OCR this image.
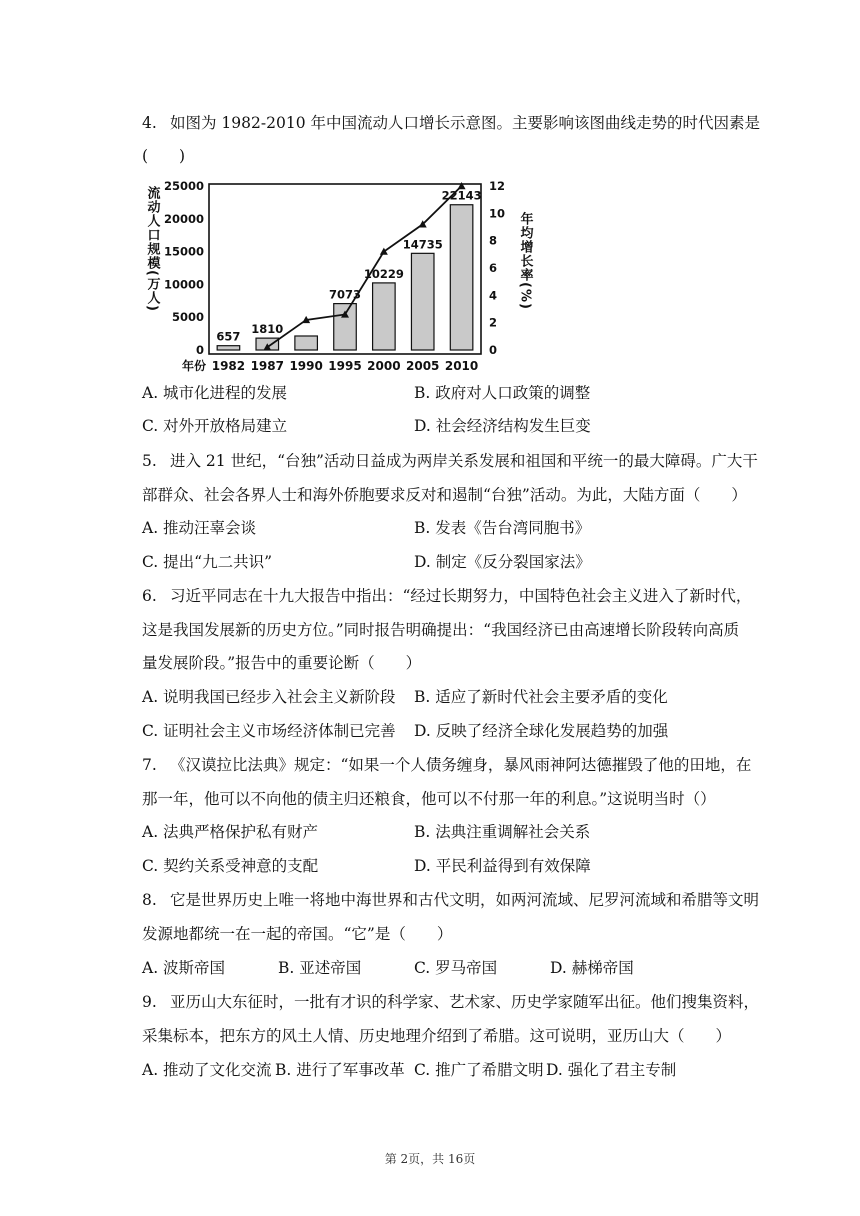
4. 如图为 1982-2010 年中国流动人口增长示意图。主要影响该图曲线走势的时代因素是
(　　)
流动人口规模(万人)	年均增长率(%)
25000
20000
15000
10000
5000
0
12
10
8
6
4
2
0
657
1810
7073
10229
14735
22143
1982 1987 1990 1995 2000 2005 2010
年份
A. 城市化进程的发展	B. 政府对人口政策的调整
C. 对外开放格局建立	D. 社会经济结构发生巨变
5. 进入 21 世纪，“台独”活动日益成为两岸关系发展和祖国和平统一的最大障碍。广大干
部群众、社会各界人士和海外侨胞要求反对和遏制“台独”活动。为此，大陆方面（　　）
A. 推动汪辜会谈	B. 发表《告台湾同胞书》
C. 提出“九二共识”	D. 制定《反分裂国家法》
6. 习近平同志在十九大报告中指出：“经过长期努力，中国特色社会主义进入了新时代，
这是我国发展新的历史方位。”同时报告明确提出：“我国经济已由高速增长阶段转向高质
量发展阶段。”报告中的重要论断（　　）
A. 说明我国已经步入社会主义新阶段 B. 适应了新时代社会主要矛盾的变化
C. 证明社会主义市场经济体制已完善 D. 反映了经济全球化发展趋势的加强
7. 《汉谟拉比法典》规定：“如果一个人债务缠身，暴风雨神阿达德摧毁了他的田地，在
那一年，他可以不向他的债主归还粮食，他可以不付那一年的利息。”这说明当时（）
A. 法典严格保护私有财产	B. 法典注重调解社会关系
C. 契约关系受神意的支配	D. 平民利益得到有效保障
8. 它是世界历史上唯一将地中海世界和古代文明，如两河流域、尼罗河流域和希腊等文明
发源地都统一在一起的帝国。“它”是（　　）
A. 波斯帝国	B. 亚述帝国	C. 罗马帝国	D. 赫梯帝国
9. 亚历山大东征时，一批有才识的科学家、艺术家、历史学家随军出征。他们搜集资料，
采集标本，把东方的风土人情、历史地理介绍到了希腊。这可说明，亚历山大（　　）
A. 推动了文化交流 B. 进行了军事改革 C. 推广了希腊文明 D. 强化了君主专制
第 2页，共 16页
